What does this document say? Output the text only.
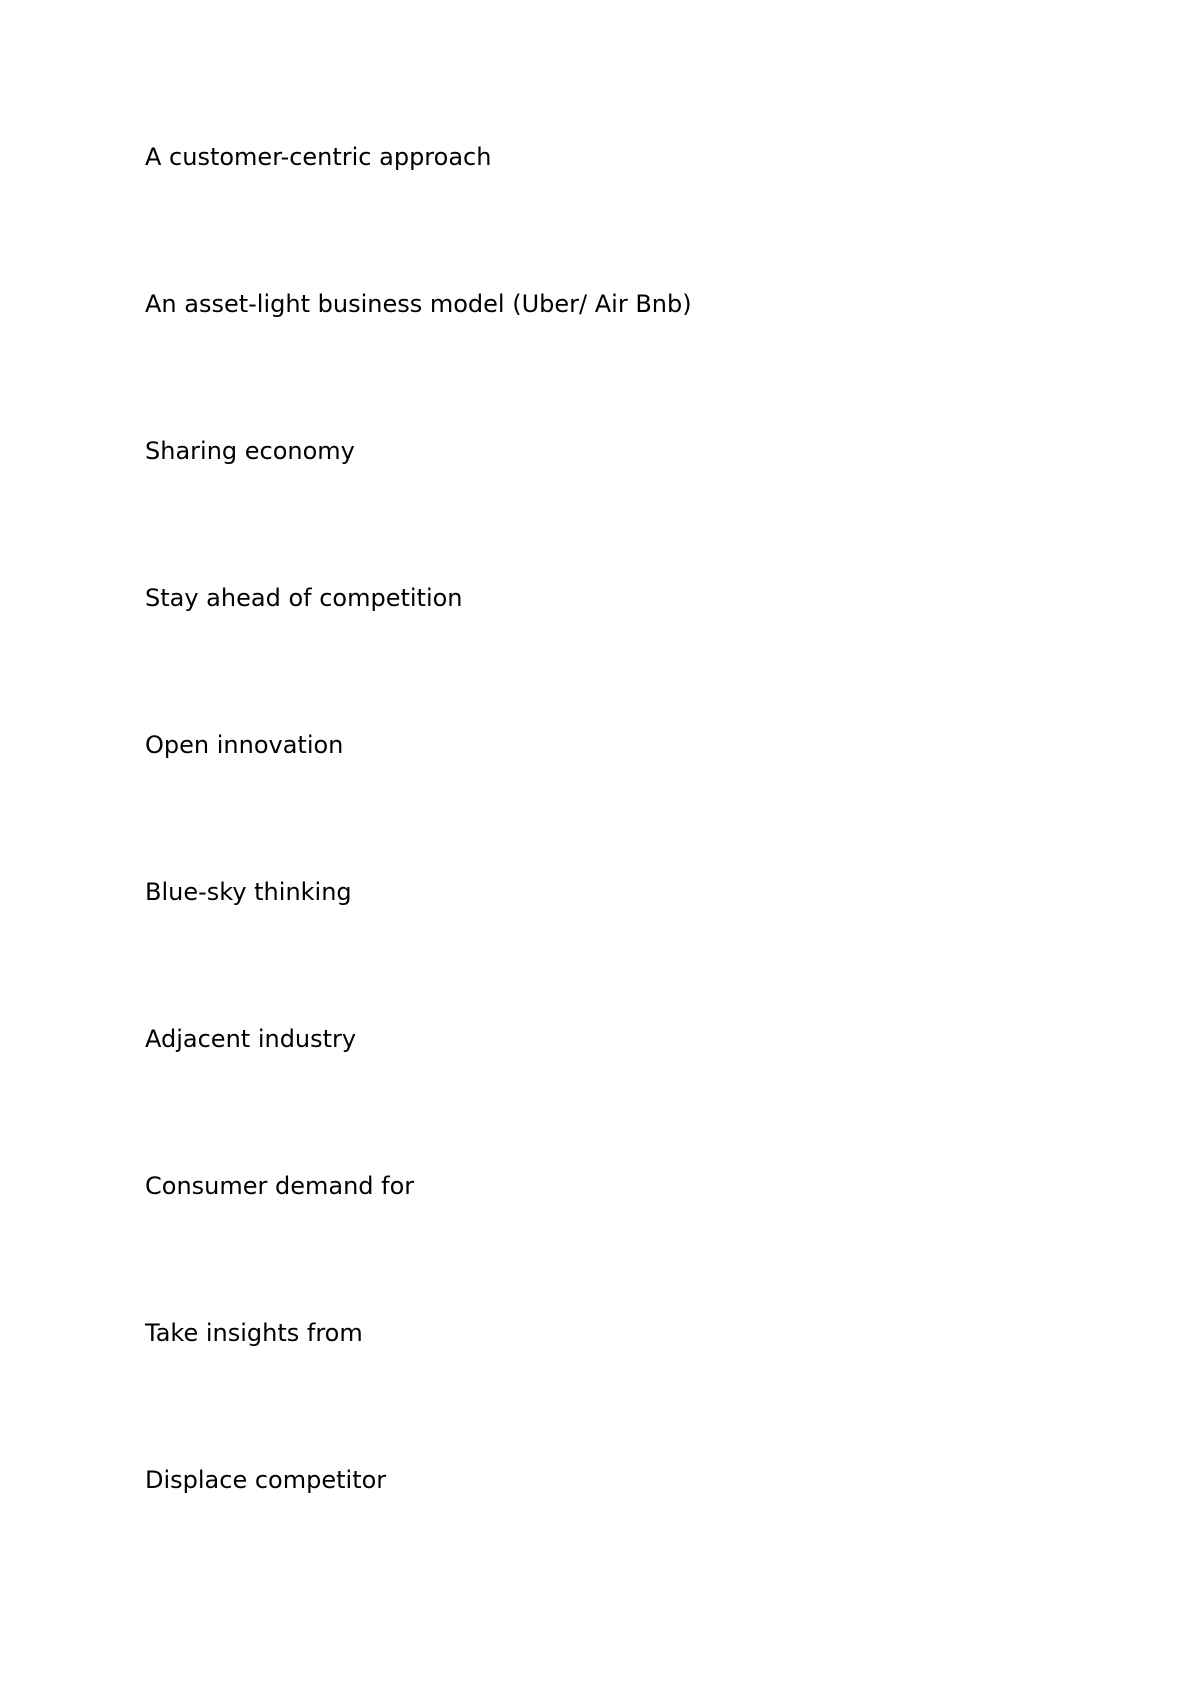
A customer-centric approach

An asset-light business model (Uber/ Air Bnb)

Sharing economy

Stay ahead of competition

Open innovation

Blue-sky thinking

Adjacent industry

Consumer demand for

Take insights from

Displace competitor
